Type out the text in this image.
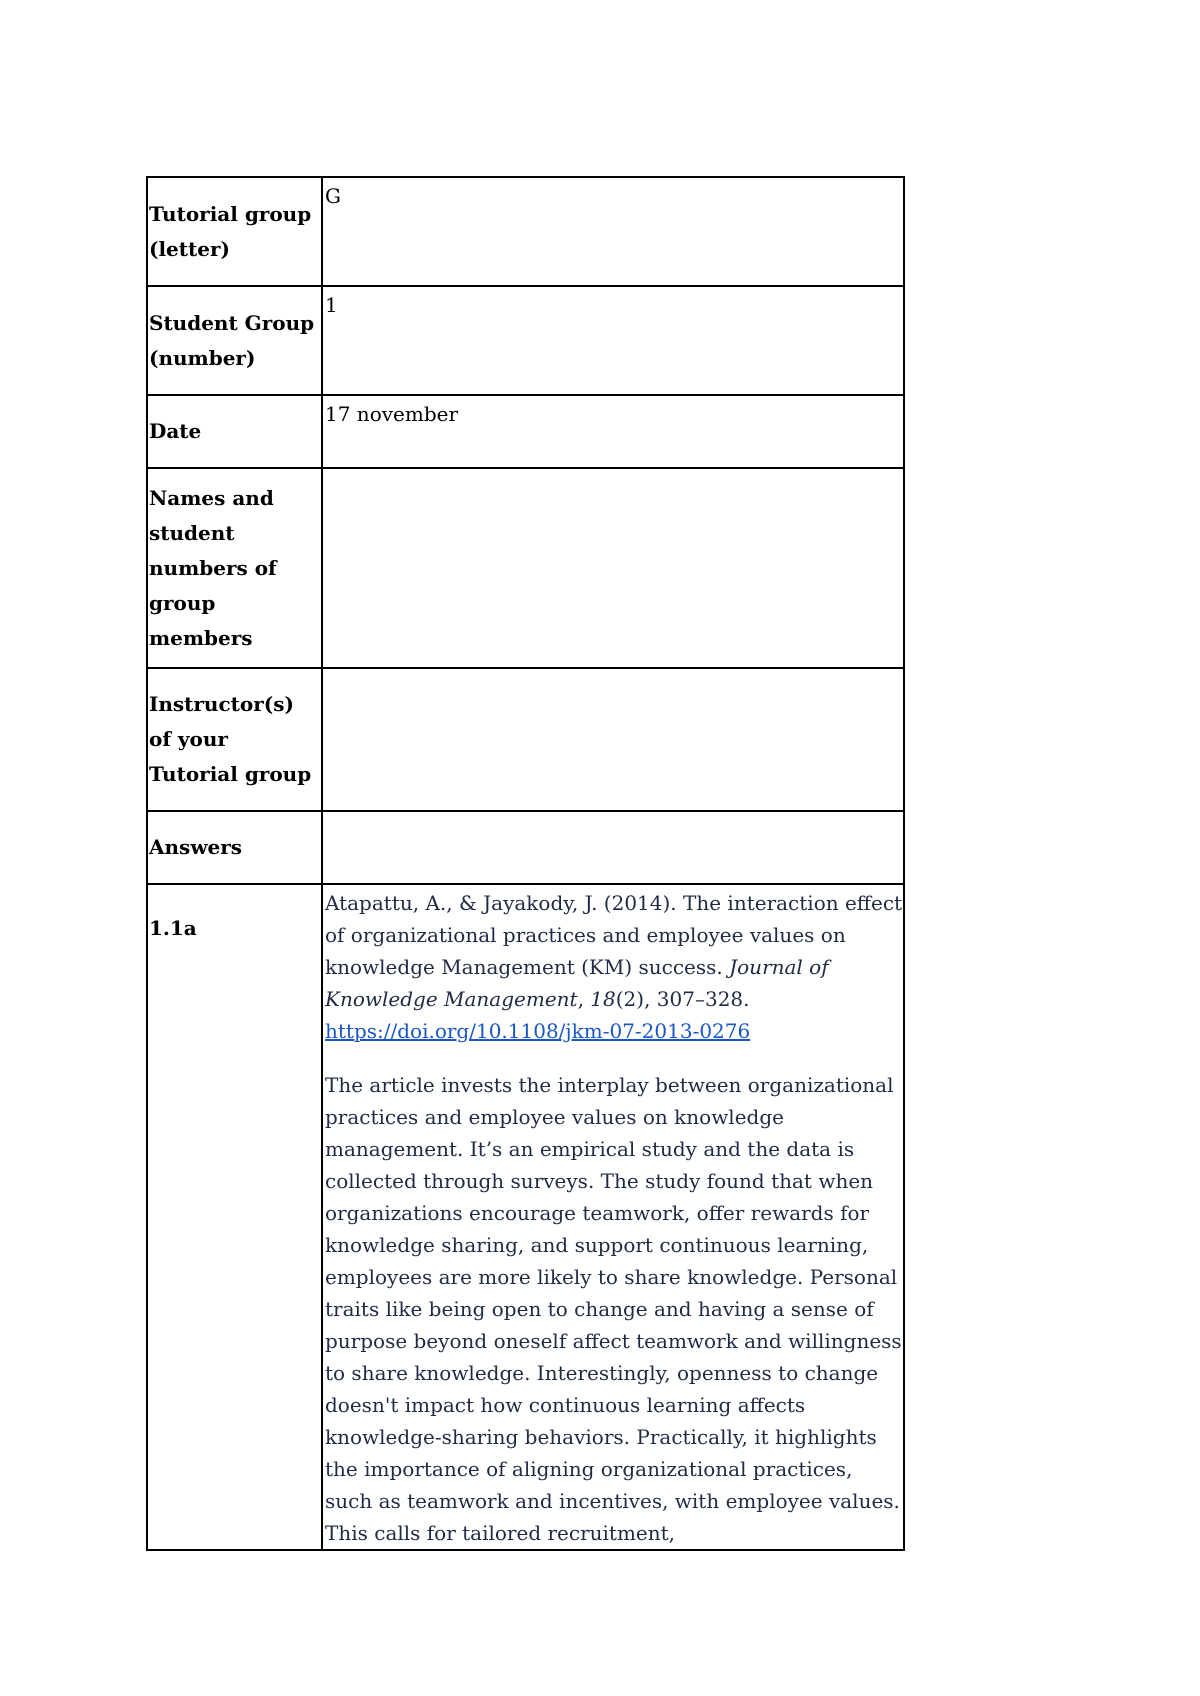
Tutorial group (letter)	G

Student Group (number)	1

Date	17 november

Names and student numbers of group members	

Instructor(s) of your Tutorial group	

Answers	

1.1a	Atapattu, A., & Jayakody, J. (2014). The interaction effect of organizational practices and employee values on knowledge Management (KM) success. Journal of Knowledge Management, 18(2), 307–328.
https://doi.org/10.1108/jkm-07-2013-0276

The article invests the interplay between organizational practices and employee values on knowledge management. It’s an empirical study and the data is collected through surveys. The study found that when organizations encourage teamwork, offer rewards for knowledge sharing, and support continuous learning, employees are more likely to share knowledge. Personal traits like being open to change and having a sense of purpose beyond oneself affect teamwork and willingness to share knowledge. Interestingly, openness to change doesn't impact how continuous learning affects knowledge-sharing behaviors. Practically, it highlights the importance of aligning organizational practices, such as teamwork and incentives, with employee values. This calls for tailored recruitment,
